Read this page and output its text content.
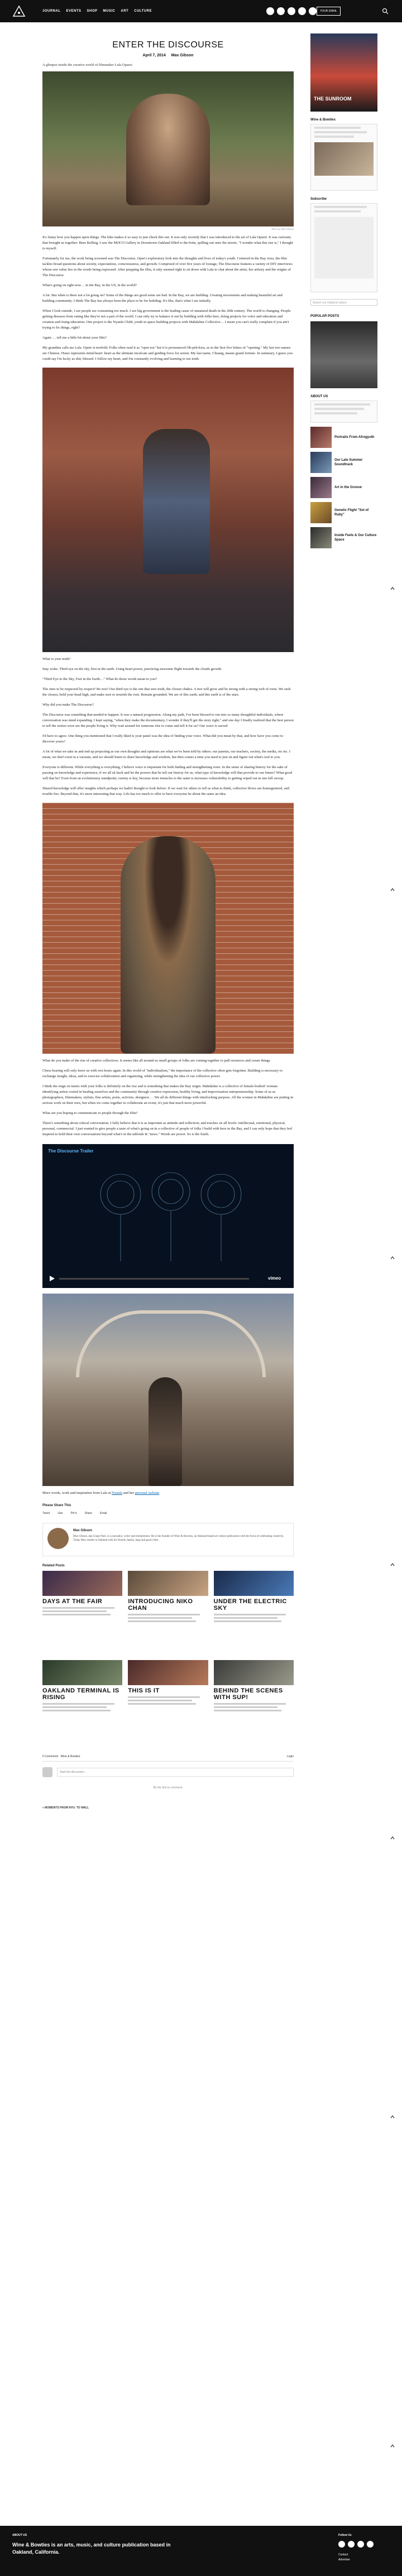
JOURNAL EVENTS SHOP MUSIC ART CULTURE	YOUR EMAIL
ENTER THE DISCOURSE
April 7, 2014 Max Gibson
A glimpse inside the creative world of filmmaker Lala Oparei.
Photo by Max Gibson
It's funny how you happen upon things. The hike makes it so easy to just check this out. It was only recently that I was introduced to the art of Lala Oparei. It was curiosity that brought us together: Binx Bolling, I saw the MOCO Gallery in Downtown Oakland filled to the brim, spilling out onto the streets. "I wonder what this one is," I thought to myself.
Fortunately for me, the work being screened was The Discourse, Opee's exploratory look into the thoughts and lives of today's youth. Centered in the Bay Area, the film tackles broad questions about society, expectations, consciousness, and growth. Comprised of over five years of footage, The Discourse features a variety of DIY interviews whose raw value lies in the words being expressed. After prepping the film, it only seemed right to sit down with Lala to chat about the artist, her artistry and the origins of The Discourse.
What's going on right now… in the Bay, in the US, in the world?
A lot. But when is there not a lot going on? Some of the things are good some are bad. In the Bay, we are building. Creating movements and making beautiful art and building community. I think The Bay has always been the place to be for building. It's like, that's what I see initially.
When I look outside, I see people are consuming too much. I see big government is the leading cause of unnatural death in the 20th century. The world is changing. People getting diseases from eating like they're not a part of the world. I can only try to balance it out by building with folks here, doing projects for voice and education and creation and rising education. One project is the Nyanfa Child, youth in space building projects with Mahdaline Collective… I mean you can't really complain if you ain't trying to fix things, right?
Again … tell me a little bit about your film?
My grandma calls me Lala. Opeie is treefold. Folks often read it as "open era" but it is pronounced Oh-peh-kwa, as in the first five letters of "opening." My last two names are Chinese. Hsiao represents mind-heart: heart as the ultimate inculcate and guiding force for action. My last name, Chuang, means grand fortune. In summary, I guess you could say I'm lucky as shit, blessed. I follow my heart, and I'm constantly evolving and learning to see truth.
What is your truth?
Stay woke. Third eye on the sky, first in the earth. Using heart power, practicing awesome flight towards the clouds growth.
"Third Eye to the Sky, Feet in the Earth…" What do those words mean to you?
The ones to be respected by respect? Be rest? Our third eye is the one that sees truth, the closest chakra. A tree will grow and be strong with a strong web of roots. We seek the closest, hold your head high, and make sure to nourish the root. Remain grounded. We are of this earth, and this earth is of the stars.
Why did you make The Discourse?
The Discourse was something that needed to happen. It was a natural progression. Along my path, I've been blessed to run into so many thoughtful individuals, where conversation was mind expanding. I kept saying, "when they make the documentary, I wonder if they'll get the story right," and one day I finally realized that the best person to tell the stories were are the people living it. Why wait around for someone else to come and tell it for us? Our voice is sacred.
I'd have to agree. One thing you mentioned that I really liked is your panel was the idea of finding your voice. What did you mean by that, and how have you come to discover yours?
A lot of what we take in and end up projecting as our own thoughts and opinions are what we've been told by others: our parents, our teachers, society, the media, etc etc. I mean, we don't exist in a vacuum, and we should listen to share knowledge and wisdom, but then comes a time you need to just sit and figure out what's real to you.
Everyone is different. While everything is everything, I believe voice is important for both finding and strengthening roots. In the sense of sharing history for the sake of passing on knowledge and experience, if we all sit back and let the powers that be tell our history for us, what type of knowledge will that provide to our future? What good will that be? Even from an evolutionary standpoint, variety is key, because more tentacles to the same is increases vulnerability to getting wiped out in one fell swoop.
Shared knowledge will offer insights which perhaps we hadn't thought to look before. If we wait for others to tell us what to think, collective blows are homogenized, and trouble lies. Beyond that, it's more interesting that way. Life has too much to offer to have everyone be about the same an idea.
What do you make of the rise of creative collectives. It seems like all around us small groups of folks are coming together to pull resources and create things.
Chess bearing will only leave us with rest hours again. In this world of "individualism," the importance of the collective often gets forgotten. Building is necessary to exchange insight, ideas, and to exercise collaboration and organizing, while strengthening the idea of our collective power.
I think the reign on tenets with your folks is definitely on the rise and is something that makes the Bay origin. Mahdaline is a collective of female-bodied/ woman-identifying artists rooted in healing ourselves and the community through creative expression, healthy living, and improvisation entrepreneurship. Some of us as photographers, filmmakers, stylists, fine artists, poets, activists, designers … We all do different things with interlocking purpose. All the women in Mahdaline are putting in serious work on their own, but when we come together to collaborate an event, it's just that much more powerful.
What are you hoping to communicate to people through the film?
There's something about critical conversation. I fully believe that it is as important as attitude and reflection; and touches on all levels: intellectual, emotional, physical, personal, commercial. I just wanted to give people a taste of what's going on in a collective of people of folks I build with here in the Bay, and I can only hope that they feel inspired to hold their own conversations beyond what's in the tabloids & "news." Words are power. So is the Earth.
The Discourse Trailer
vimeo
More words, work and inspiration from Lala at Nyanfa and her personal website.
Please Share This
Tweet	Like	Pin it	Share	Email
Max Gibson
Max Gibson, aka Grape Nuts, is a journalist, writer and entrepreneur. He is the founder of Wine & Bowties, an Oakland-based art culture publication with the focus of celebrating creativity. Today Max resides in Oakland with his friends, family, dogs and good vibes.
Related Posts
DAYS AT THE FAIR	INTRODUCING NIKO CHAN
UNDER THE ELECTRIC SKY
OAKLAND TERMINAL IS RISING
THIS IS IT	BEHIND THE SCENES WITH SUP!
0 Comments Wine & Bowties	Login
Start the discussion…
Be the first to comment.
« MOMENTS FROM NYU: TO WALL
THE SUNROOM
Wine & Bowties
Subscribe
Search our Oakland culture
POPULAR POSTS
ABOUT US
Portraits From Afrogyuth
Our Late Summer Soundtrack
Art in the Groove
Genetic Flight "Sol of Ruby"
Inside Feels & Our Culture Space
ABOUT US
Wine & Bowties is an arts, music, and culture publication based in Oakland, California.
Follow Us
Contact
Advertise
